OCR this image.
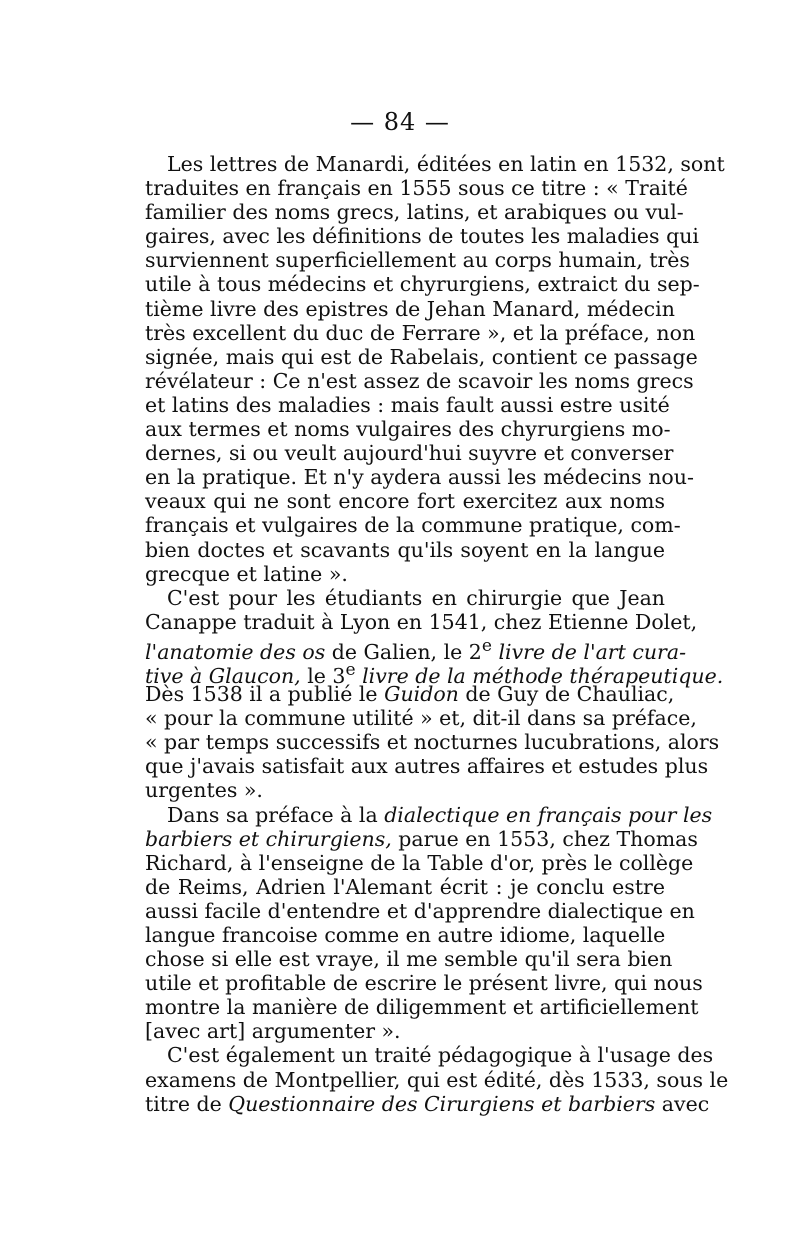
— 84 —
Les lettres de Manardi, éditées en latin en 1532, sont
traduites en français en 1555 sous ce titre : « Traité
familier des noms grecs, latins, et arabiques ou vul-
gaires, avec les définitions de toutes les maladies qui
surviennent superficiellement au corps humain, très
utile à tous médecins et chyrurgiens, extraict du sep-
tième livre des epistres de Jehan Manard, médecin
très excellent du duc de Ferrare », et la préface, non
signée, mais qui est de Rabelais, contient ce passage
révélateur : Ce n'est assez de scavoir les noms grecs
et latins des maladies : mais fault aussi estre usité
aux termes et noms vulgaires des chyrurgiens mo-
dernes, si ou veult aujourd'hui suyvre et converser
en la pratique. Et n'y aydera aussi les médecins nou-
veaux qui ne sont encore fort exercitez aux noms
français et vulgaires de la commune pratique, com-
bien doctes et scavants qu'ils soyent en la langue
grecque et latine ».
C'est pour les étudiants en chirurgie que Jean
Canappe traduit à Lyon en 1541, chez Etienne Dolet,
l'anatomie des os de Galien, le 2e livre de l'art cura-
tive à Glaucon, le 3e livre de la méthode thérapeutique.
Dès 1538 il a publié le Guidon de Guy de Chauliac,
« pour la commune utilité » et, dit-il dans sa préface,
« par temps successifs et nocturnes lucubrations, alors
que j'avais satisfait aux autres affaires et estudes plus
urgentes ».
Dans sa préface à la dialectique en français pour les
barbiers et chirurgiens, parue en 1553, chez Thomas
Richard, à l'enseigne de la Table d'or, près le collège
de Reims, Adrien l'Alemant écrit : je conclu estre
aussi facile d'entendre et d'apprendre dialectique en
langue francoise comme en autre idiome, laquelle
chose si elle est vraye, il me semble qu'il sera bien
utile et profitable de escrire le présent livre, qui nous
montre la manière de diligemment et artificiellement
[avec art] argumenter ».
C'est également un traité pédagogique à l'usage des
examens de Montpellier, qui est édité, dès 1533, sous le
titre de Questionnaire des Cirurgiens et barbiers avec
